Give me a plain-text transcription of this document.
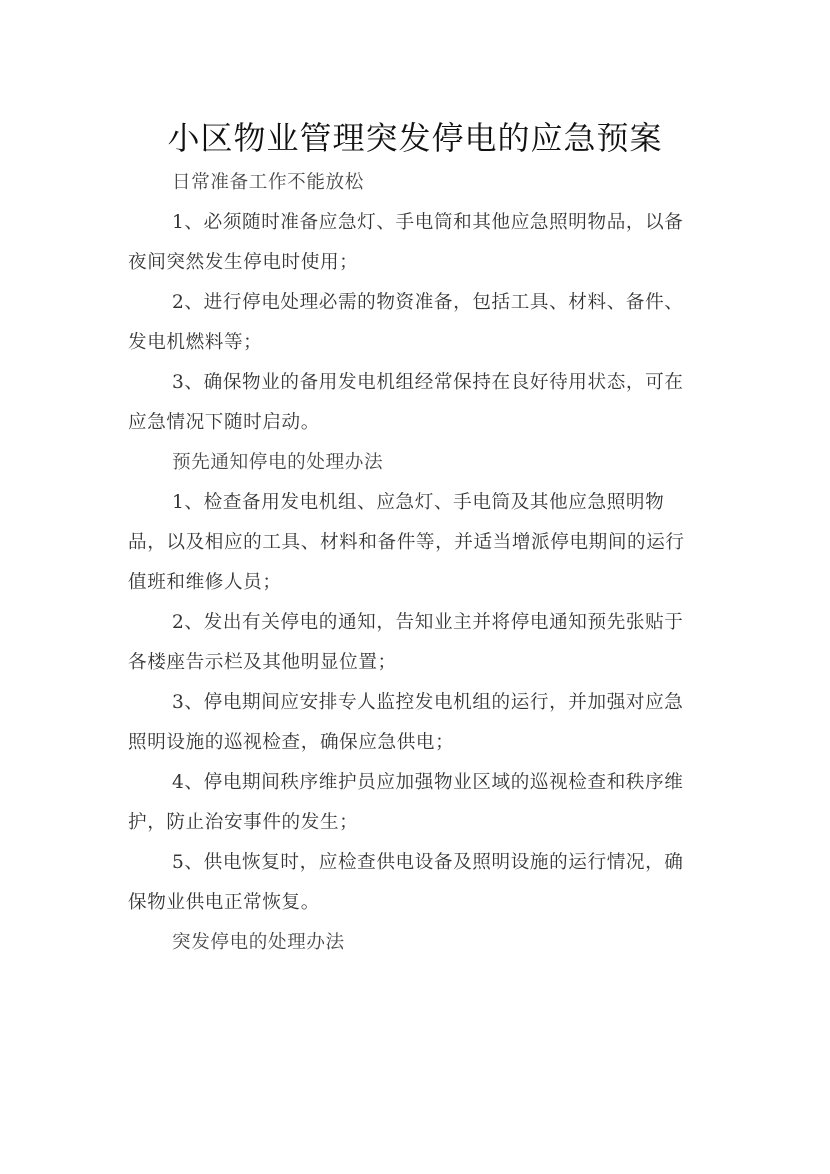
小区物业管理突发停电的应急预案

日常准备工作不能放松

1、必须随时准备应急灯、手电筒和其他应急照明物品，以备夜间突然发生停电时使用；

2、进行停电处理必需的物资准备，包括工具、材料、备件、发电机燃料等；

3、确保物业的备用发电机组经常保持在良好待用状态，可在应急情况下随时启动。

预先通知停电的处理办法

1、检查备用发电机组、应急灯、手电筒及其他应急照明物品，以及相应的工具、材料和备件等，并适当增派停电期间的运行值班和维修人员；

2、发出有关停电的通知，告知业主并将停电通知预先张贴于各楼座告示栏及其他明显位置；

3、停电期间应安排专人监控发电机组的运行，并加强对应急照明设施的巡视检查，确保应急供电；

4、停电期间秩序维护员应加强物业区域的巡视检查和秩序维护，防止治安事件的发生；

5、供电恢复时，应检查供电设备及照明设施的运行情况，确保物业供电正常恢复。

突发停电的处理办法
